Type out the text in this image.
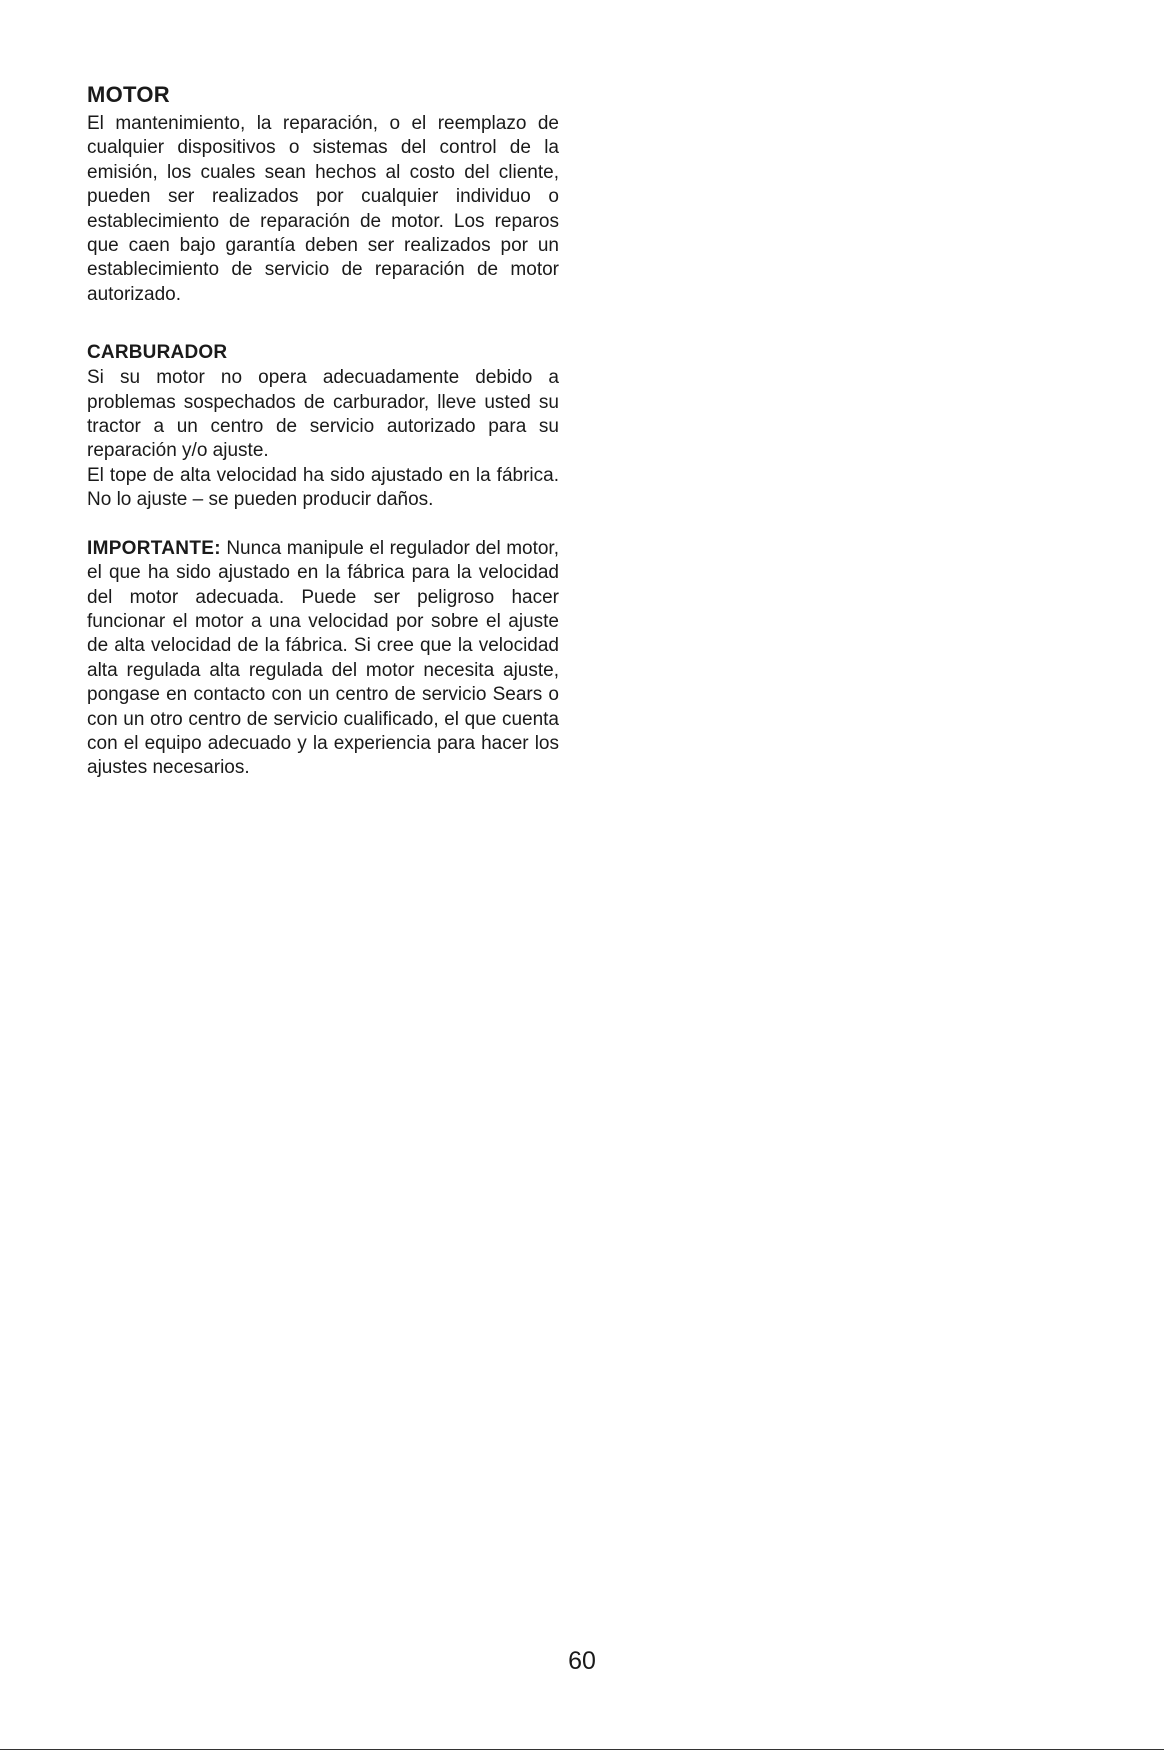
MOTOR

El mantenimiento, la reparación, o el reemplazo de cualquier dispositivos o sistemas del control de la emisión, los cuales sean hechos al costo del cliente, pueden ser realizados por cualquier individuo o establecimiento de reparación de motor. Los reparos que caen bajo garantía deben ser realizados por un establecimiento de servicio de reparación de motor autorizado.

CARBURADOR

Si su motor no opera adecuadamente debido a problemas sospechados de carburador, lleve usted su tractor a un centro de servicio autorizado para su reparación y/o ajuste.

El tope de alta velocidad ha sido ajustado en la fábrica. No lo ajuste – se pueden producir daños.

IMPORTANTE: Nunca manipule el regulador del motor, el que ha sido ajustado en la fábrica para la velocidad del motor adecuada. Puede ser peligroso hacer funcionar el motor a una velocidad por sobre el ajuste de alta velocidad de la fábrica. Si cree que la velocidad alta regulada alta regulada del motor necesita ajuste, pongase en contacto con un centro de servicio Sears o con un otro centro de servicio cualificado, el que cuenta con el equipo adecuado y la experiencia para hacer los ajustes necesarios.

60
